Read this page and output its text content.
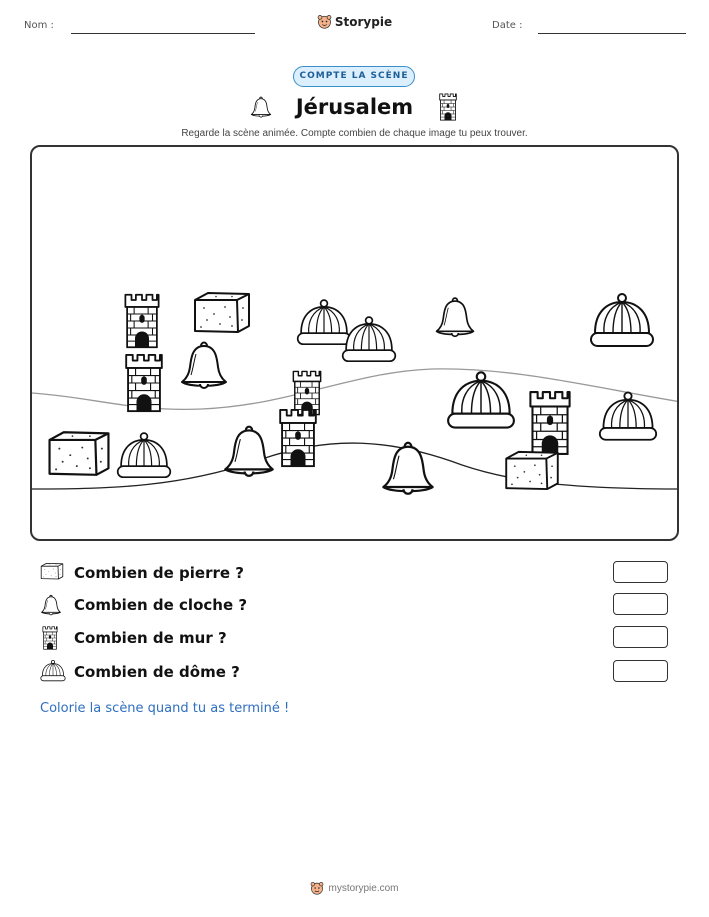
Nom :	Storypie	Date :
COMPTE LA SCÈNE
Jérusalem
Regarde la scène animée. Compte combien de chaque image tu peux trouver.
Combien de pierre ?
Combien de cloche ?
Combien de mur ?
Combien de dôme ?
Colorie la scène quand tu as terminé !
mystorypie.com
